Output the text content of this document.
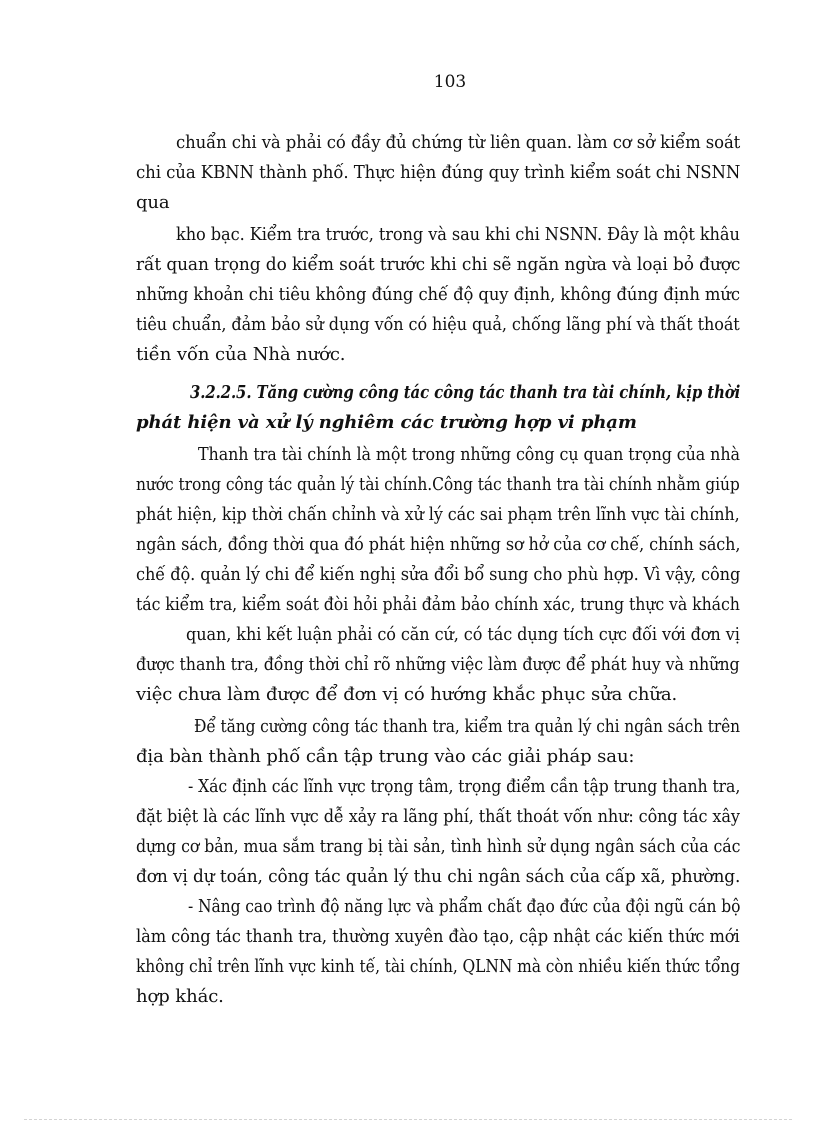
103
chuẩn chi và phải có đầy đủ chứng từ liên quan. làm cơ sở kiểm soát
chi của KBNN thành phố. Thực hiện đúng quy trình kiểm soát chi NSNN
qua
kho bạc. Kiểm tra trước, trong và sau khi chi NSNN. Đây là một khâu
rất quan trọng do kiểm soát trước khi chi sẽ ngăn ngừa và loại bỏ được
những khoản chi tiêu không đúng chế độ quy định, không đúng định mức
tiêu chuẩn, đảm bảo sử dụng vốn có hiệu quả, chống lãng phí và thất thoát
tiền vốn của Nhà nước.
3.2.2.5. Tăng cường công tác công tác thanh tra tài chính, kịp thời
phát hiện và xử lý nghiêm các trường hợp vi phạm
Thanh tra tài chính là một trong những công cụ quan trọng của nhà
nước trong công tác quản lý tài chính.Công tác thanh tra tài chính nhằm giúp
phát hiện, kịp thời chấn chỉnh và xử lý các sai phạm trên lĩnh vực tài chính,
ngân sách, đồng thời qua đó phát hiện những sơ hở của cơ chế, chính sách,
chế độ. quản lý chi để kiến nghị sửa đổi bổ sung cho phù hợp. Vì vậy, công
tác kiểm tra, kiểm soát đòi hỏi phải đảm bảo chính xác, trung thực và khách
quan, khi kết luận phải có căn cứ, có tác dụng tích cực đối với đơn vị
được thanh tra, đồng thời chỉ rõ những việc làm được để phát huy và những
việc chưa làm được để đơn vị có hướng khắc phục sửa chữa.
Để tăng cường công tác thanh tra, kiểm tra quản lý chi ngân sách trên
địa bàn thành phố cần tập trung vào các giải pháp sau:
- Xác định các lĩnh vực trọng tâm, trọng điểm cần tập trung thanh tra,
đặt biệt là các lĩnh vực dễ xảy ra lãng phí, thất thoát vốn như: công tác xây
dựng cơ bản, mua sắm trang bị tài sản, tình hình sử dụng ngân sách của các
đơn vị dự toán, công tác quản lý thu chi ngân sách của cấp xã, phường.
- Nâng cao trình độ năng lực và phẩm chất đạo đức của đội ngũ cán bộ
làm công tác thanh tra, thường xuyên đào tạo, cập nhật các kiến thức mới
không chỉ trên lĩnh vực kinh tế, tài chính, QLNN mà còn nhiều kiến thức tổng
hợp khác.
